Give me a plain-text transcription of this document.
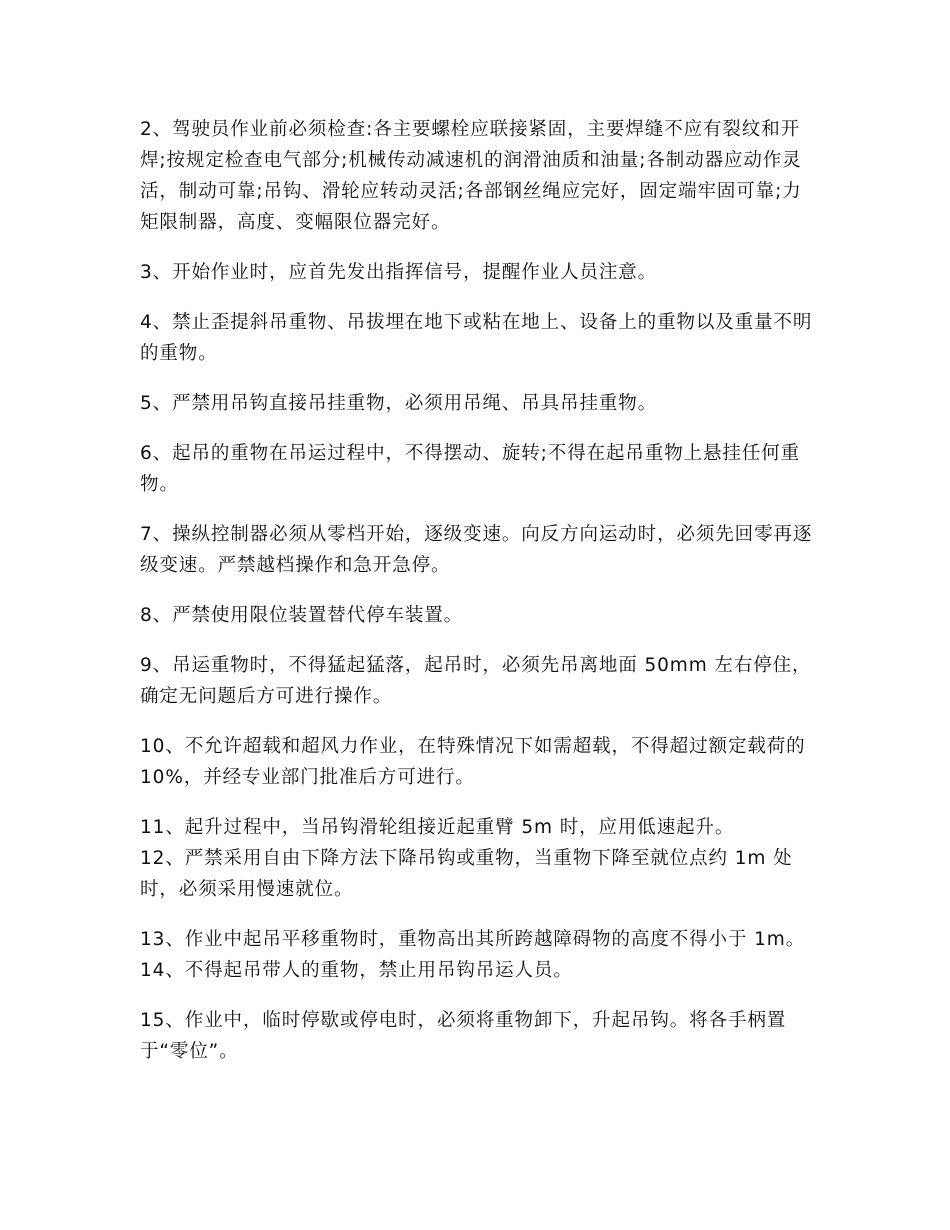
2、驾驶员作业前必须检查:各主要螺栓应联接紧固，主要焊缝不应有裂纹和开焊;按规定检查电气部分;机械传动减速机的润滑油质和油量;各制动器应动作灵活，制动可靠;吊钩、滑轮应转动灵活;各部钢丝绳应完好，固定端牢固可靠;力矩限制器，高度、变幅限位器完好。

3、开始作业时，应首先发出指挥信号，提醒作业人员注意。

4、禁止歪提斜吊重物、吊拔埋在地下或粘在地上、设备上的重物以及重量不明的重物。

5、严禁用吊钩直接吊挂重物，必须用吊绳、吊具吊挂重物。

6、起吊的重物在吊运过程中，不得摆动、旋转;不得在起吊重物上悬挂任何重物。

7、操纵控制器必须从零档开始，逐级变速。向反方向运动时，必须先回零再逐级变速。严禁越档操作和急开急停。

8、严禁使用限位装置替代停车装置。

9、吊运重物时，不得猛起猛落，起吊时，必须先吊离地面 50mm 左右停住，确定无问题后方可进行操作。

10、不允许超载和超风力作业，在特殊情况下如需超载，不得超过额定载荷的 10%，并经专业部门批准后方可进行。

11、起升过程中，当吊钩滑轮组接近起重臂 5m 时，应用低速起升。

12、严禁采用自由下降方法下降吊钩或重物，当重物下降至就位点约 1m 处时，必须采用慢速就位。

13、作业中起吊平移重物时，重物高出其所跨越障碍物的高度不得小于 1m。 14、不得起吊带人的重物，禁止用吊钩吊运人员。

15、作业中，临时停歇或停电时，必须将重物卸下，升起吊钩。将各手柄置于“零位”。
